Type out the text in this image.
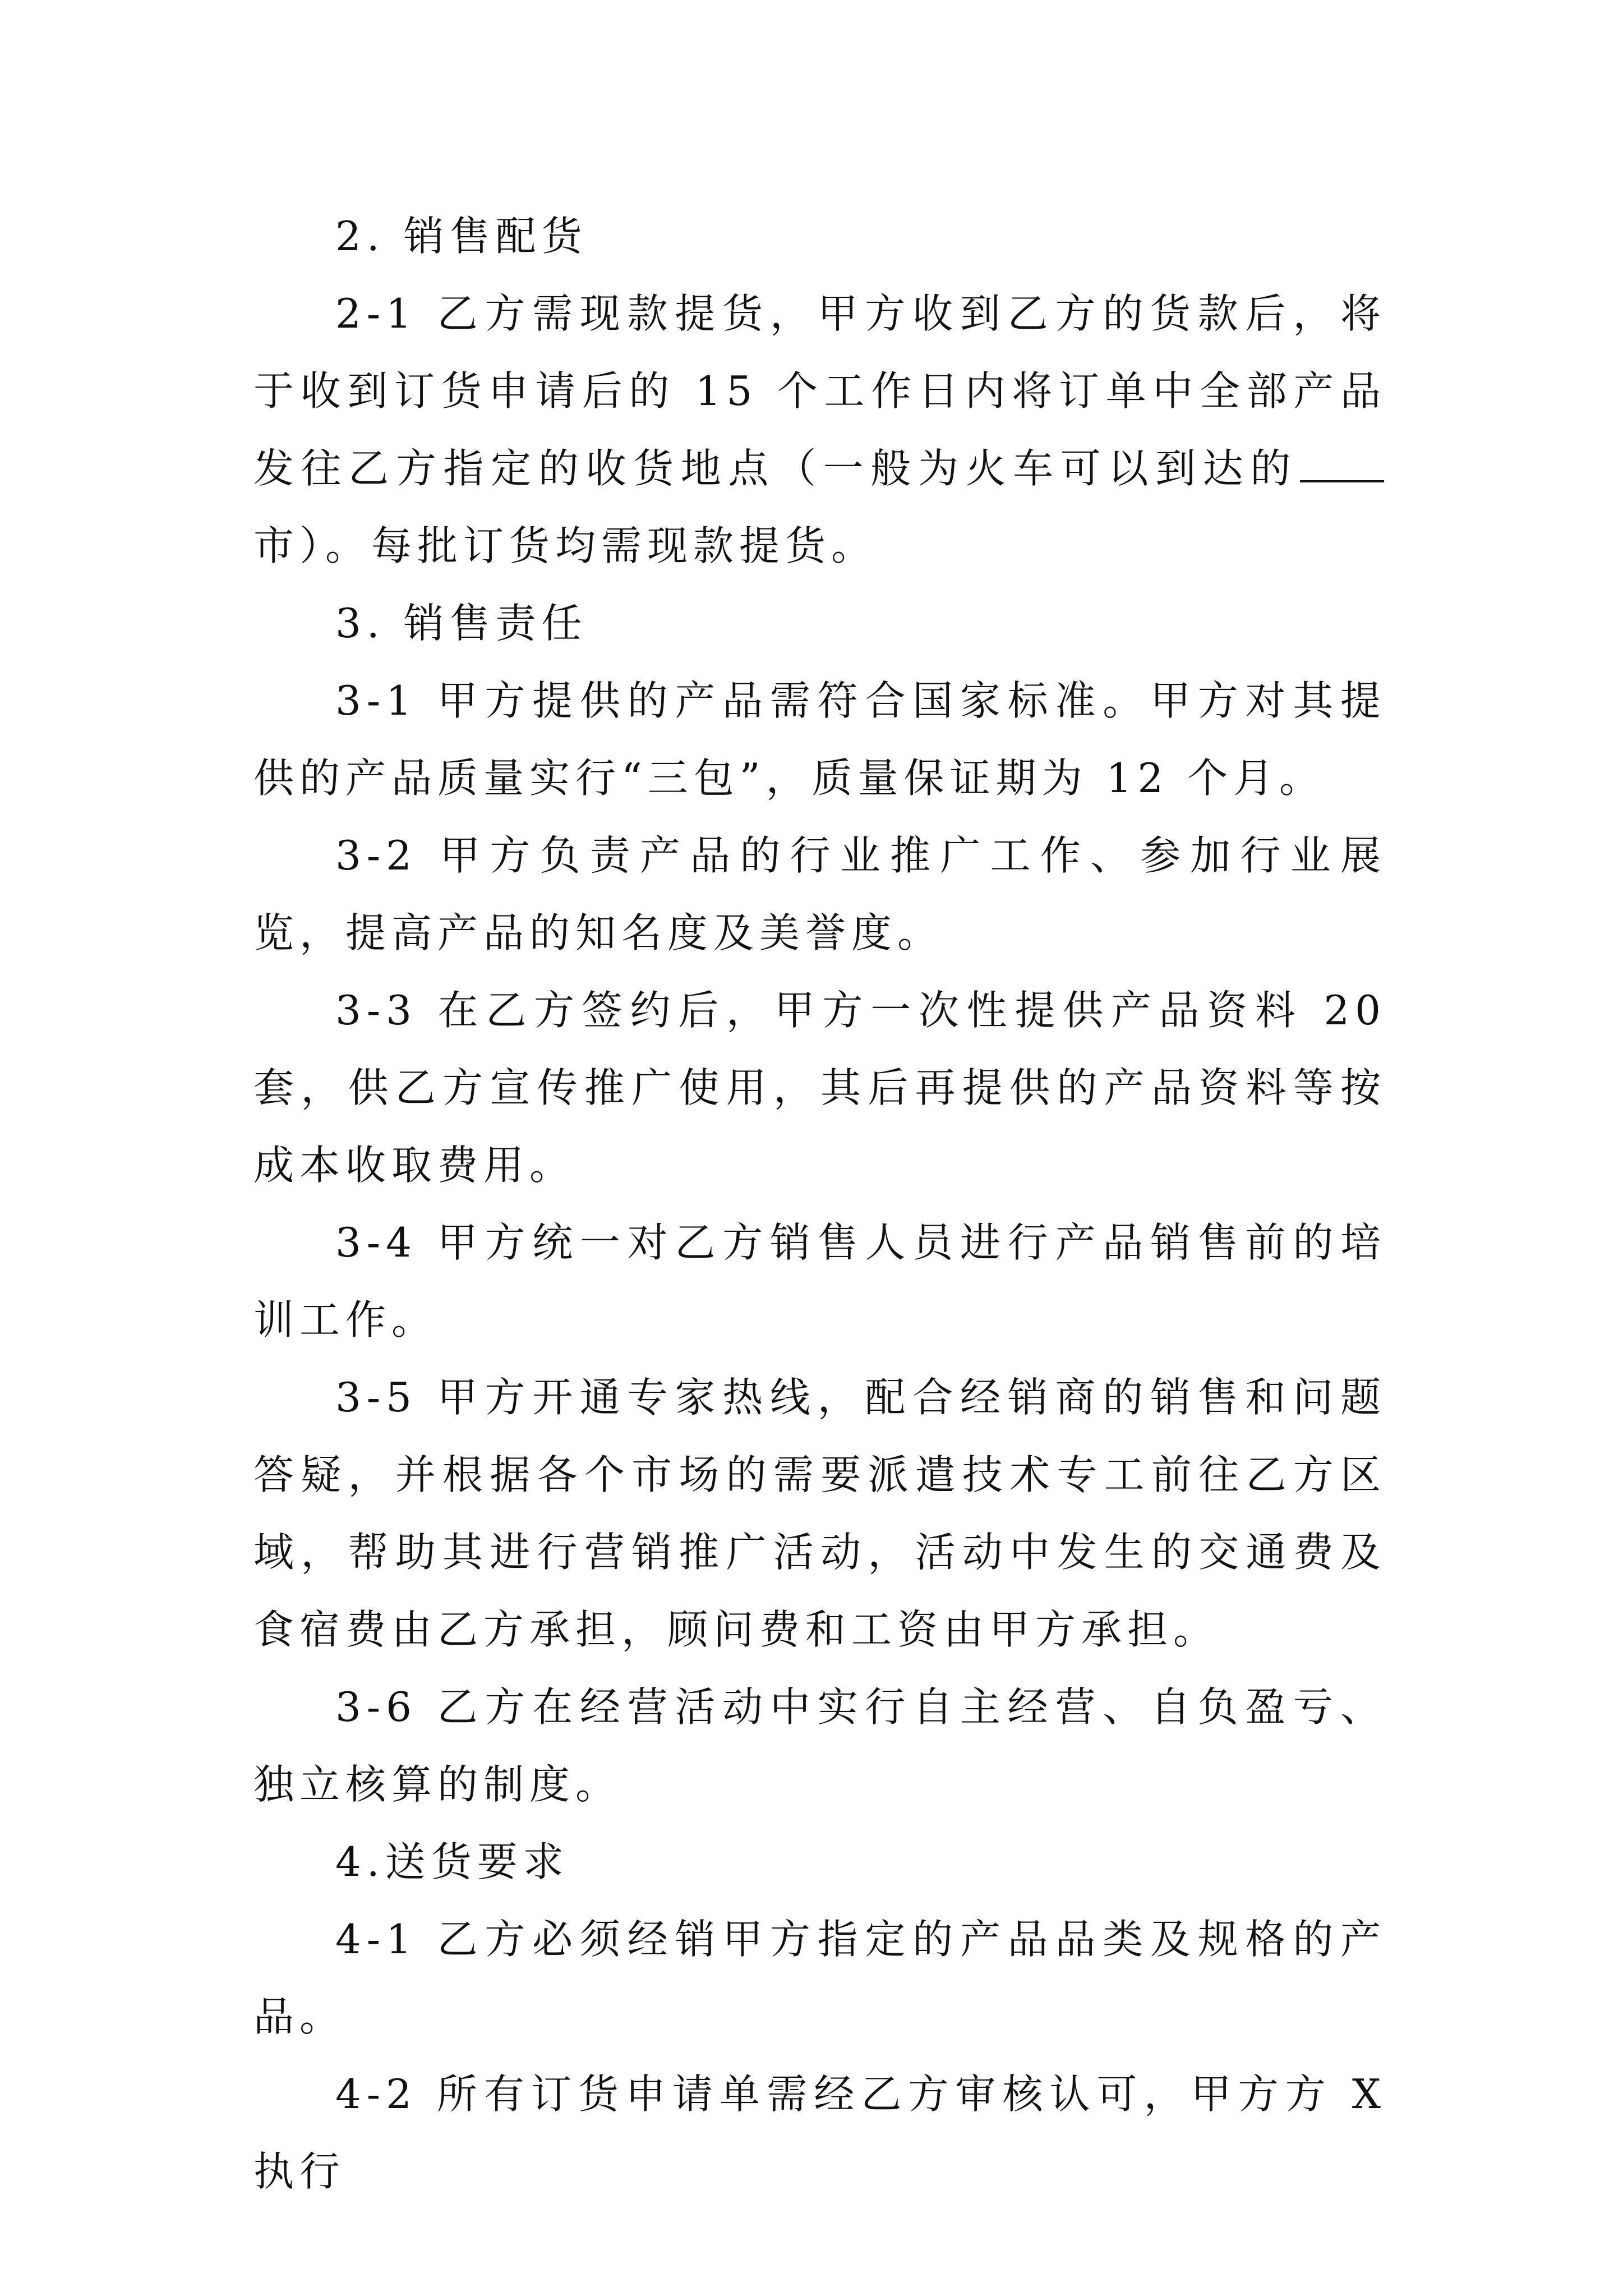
2. 销售配货

2-1 乙方需现款提货，甲方收到乙方的货款后，将于收到订货申请后的 15 个工作日内将订单中全部产品发往乙方指定的收货地点（一般为火车可以到达的市）。每批订货均需现款提货。

3. 销售责任

3-1 甲方提供的产品需符合国家标准。甲方对其提供的产品质量实行“三包”，质量保证期为 12 个月。

3-2 甲方负责产品的行业推广工作、参加行业展览，提高产品的知名度及美誉度。

3-3 在乙方签约后，甲方一次性提供产品资料 20 套，供乙方宣传推广使用，其后再提供的产品资料等按成本收取费用。

3-4 甲方统一对乙方销售人员进行产品销售前的培训工作。

3-5 甲方开通专家热线，配合经销商的销售和问题答疑，并根据各个市场的需要派遣技术专工前往乙方区域，帮助其进行营销推广活动，活动中发生的交通费及食宿费由乙方承担，顾问费和工资由甲方承担。

3-6 乙方在经营活动中实行自主经营、自负盈亏、独立核算的制度。

4.送货要求

4-1 乙方必须经销甲方指定的产品品类及规格的产品。

4-2 所有订货申请单需经乙方审核认可，甲方方 X 执行
